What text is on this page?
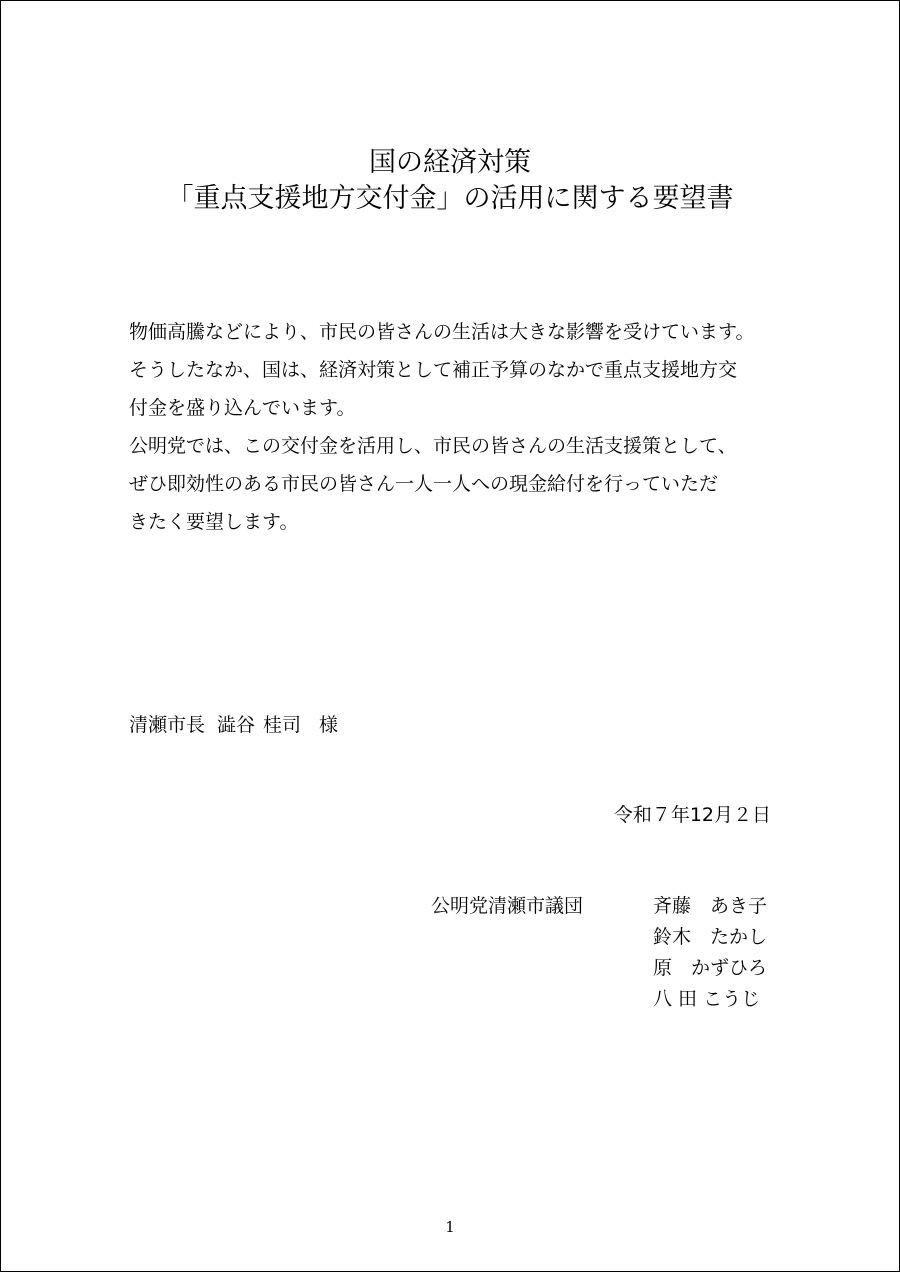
国の経済対策
「重点支援地方交付金」の活用に関する要望書
物価高騰などにより、市民の皆さんの生活は大きな影響を受けています。
そうしたなか、国は、経済対策として補正予算のなかで重点支援地方交
付金を盛り込んでいます。
公明党では、この交付金を活用し、市民の皆さんの生活支援策として、
ぜひ即効性のある市民の皆さん一人一人への現金給付を行っていただ
きたく要望します。
清瀬市長 澁谷 桂司 様
令和７年12月２日
公明党清瀬市議団	斉藤　あき子
鈴木　たかし
原　かずひろ
八 田 こうじ
1
